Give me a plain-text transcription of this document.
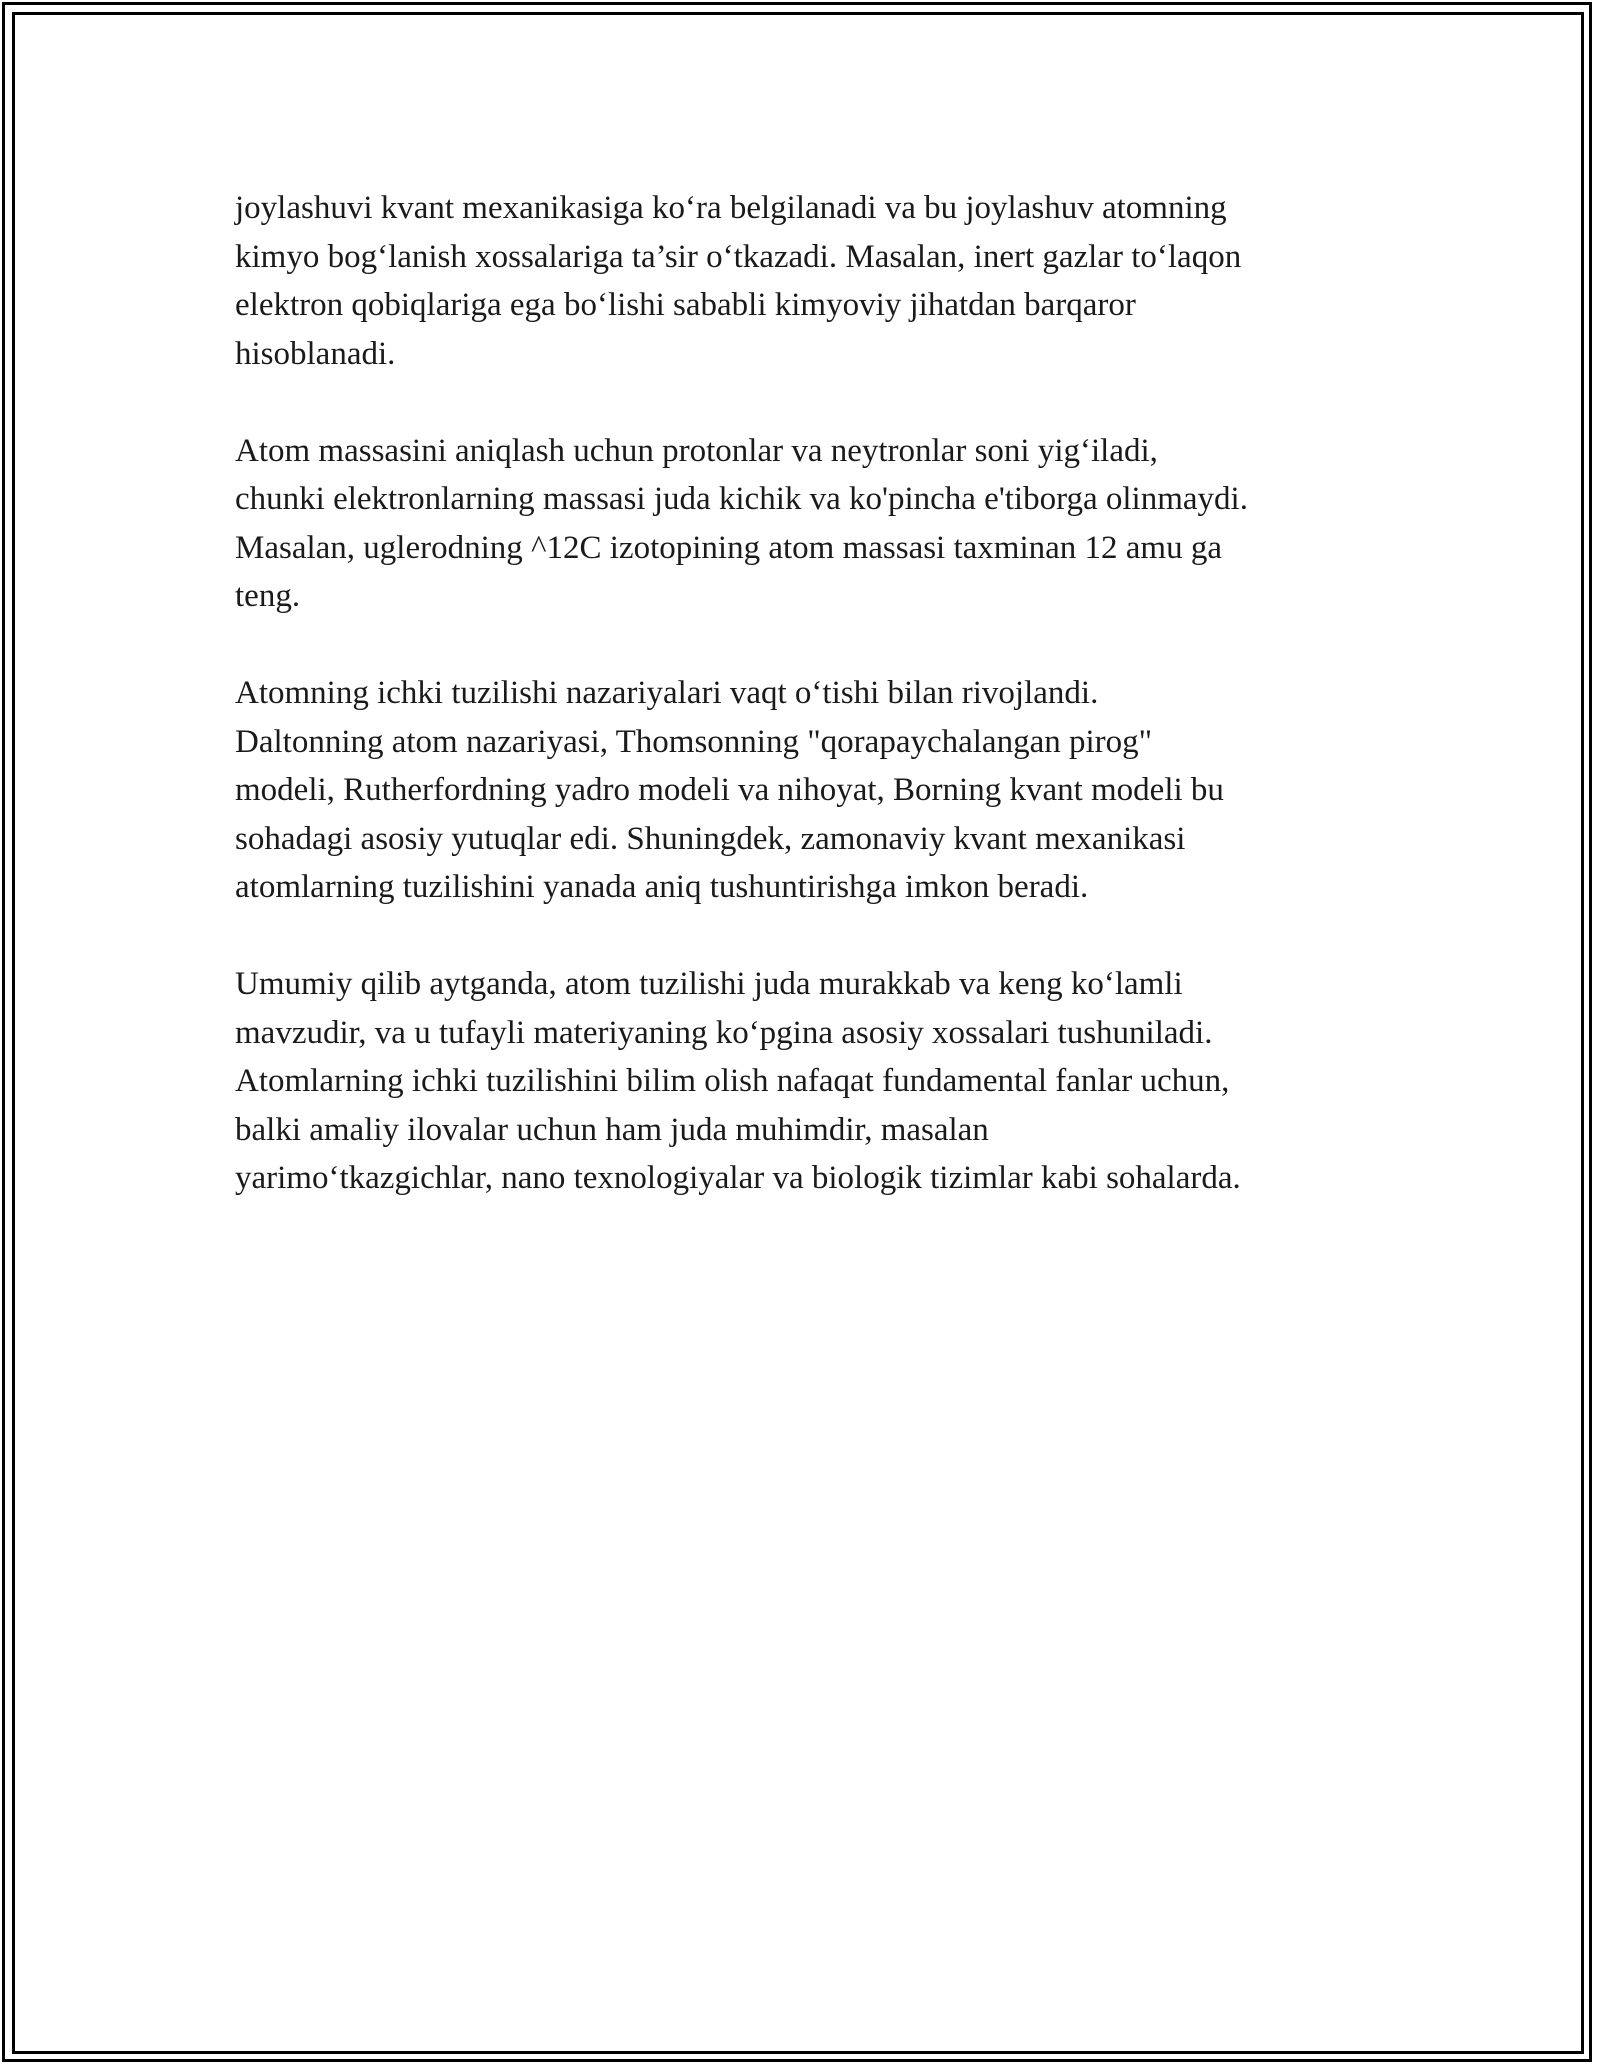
joylashuvi kvant mexanikasiga ko‘ra belgilanadi va bu joylashuv atomning
kimyo bog‘lanish xossalariga ta’sir o‘tkazadi. Masalan, inert gazlar to‘laqon
elektron qobiqlariga ega bo‘lishi sababli kimyoviy jihatdan barqaror
hisoblanadi.

Atom massasini aniqlash uchun protonlar va neytronlar soni yig‘iladi,
chunki elektronlarning massasi juda kichik va ko'pincha e'tiborga olinmaydi.
Masalan, uglerodning ^12C izotopining atom massasi taxminan 12 amu ga
teng.

Atomning ichki tuzilishi nazariyalari vaqt o‘tishi bilan rivojlandi.
Daltonning atom nazariyasi, Thomsonning "qorapaychalangan pirog"
modeli, Rutherfordning yadro modeli va nihoyat, Borning kvant modeli bu
sohadagi asosiy yutuqlar edi. Shuningdek, zamonaviy kvant mexanikasi
atomlarning tuzilishini yanada aniq tushuntirishga imkon beradi.

Umumiy qilib aytganda, atom tuzilishi juda murakkab va keng ko‘lamli
mavzudir, va u tufayli materiyaning ko‘pgina asosiy xossalari tushuniladi.
Atomlarning ichki tuzilishini bilim olish nafaqat fundamental fanlar uchun,
balki amaliy ilovalar uchun ham juda muhimdir, masalan
yarimo‘tkazgichlar, nano texnologiyalar va biologik tizimlar kabi sohalarda.
